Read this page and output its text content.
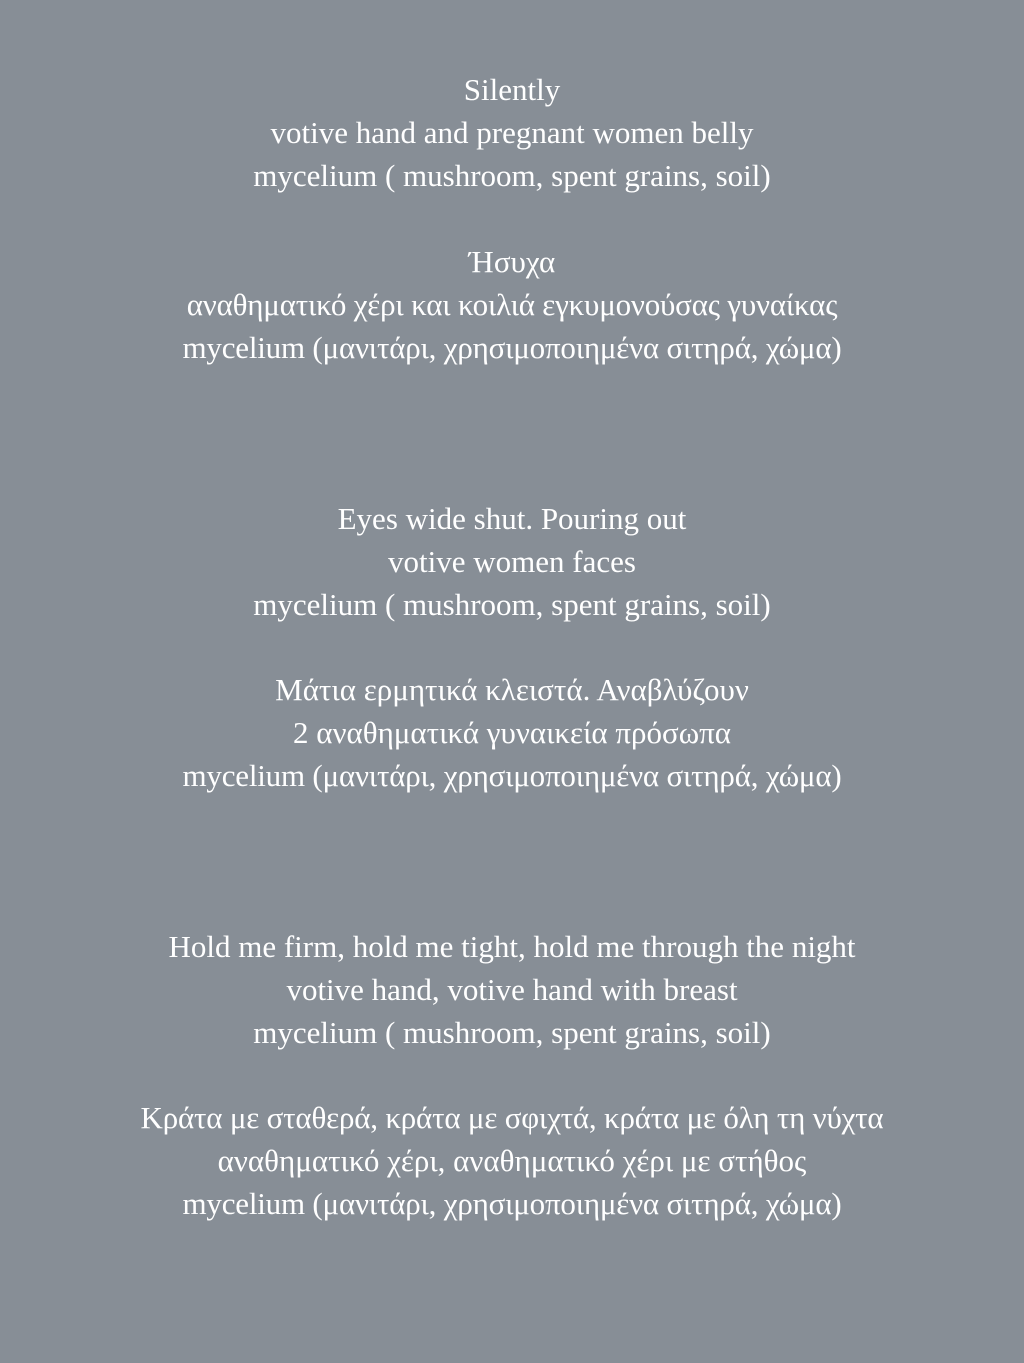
Silently
votive hand and pregnant women belly
mycelium ( mushroom, spent grains, soil)
Ήσυχα
αναθηματικό χέρι και κοιλιά εγκυμονούσας γυναίκας
mycelium (μανιτάρι, χρησιμοποιημένα σιτηρά, χώμα)
Eyes wide shut. Pouring out
votive women faces
mycelium ( mushroom, spent grains, soil)
Μάτια ερμητικά κλειστά. Αναβλύζουν
2 αναθηματικά γυναικεία πρόσωπα
mycelium (μανιτάρι, χρησιμοποιημένα σιτηρά, χώμα)
Hold me firm, hold me tight, hold me through the night
votive hand, votive hand with breast
mycelium ( mushroom, spent grains, soil)
Κράτα με σταθερά, κράτα με σφιχτά, κράτα με όλη τη νύχτα
αναθηματικό χέρι, αναθηματικό χέρι με στήθος
mycelium (μανιτάρι, χρησιμοποιημένα σιτηρά, χώμα)
